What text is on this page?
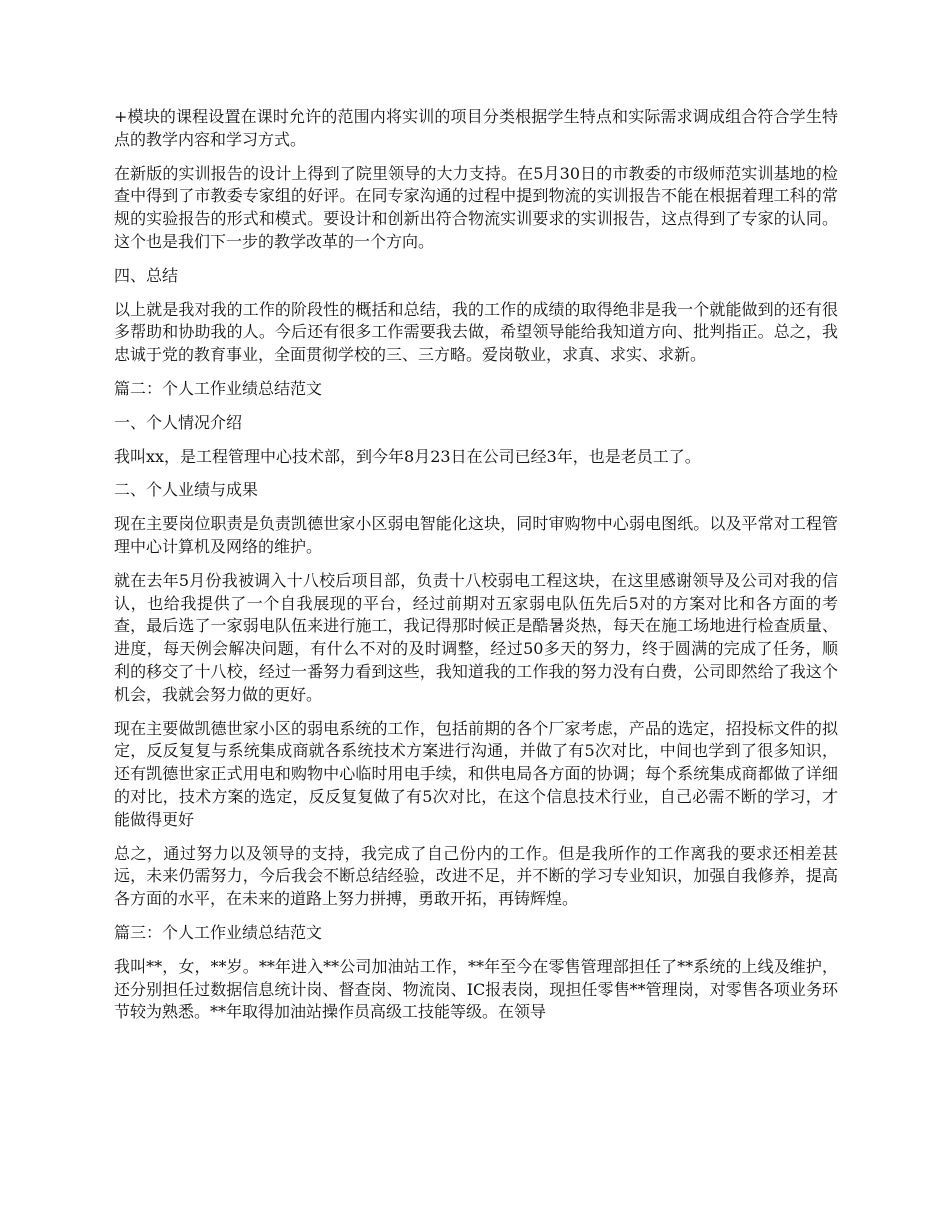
+模块的课程设置在课时允许的范围内将实训的项目分类根据学生特点和实际需求调成组合符合学生特点的教学内容和学习方式。

在新版的实训报告的设计上得到了院里领导的大力支持。在5月30日的市教委的市级师范实训基地的检查中得到了市教委专家组的好评。在同专家沟通的过程中提到物流的实训报告不能在根据着理工科的常规的实验报告的形式和模式。要设计和创新出符合物流实训要求的实训报告，这点得到了专家的认同。这个也是我们下一步的教学改革的一个方向。

四、总结

以上就是我对我的工作的阶段性的概括和总结，我的工作的成绩的取得绝非是我一个就能做到的还有很多帮助和协助我的人。今后还有很多工作需要我去做，希望领导能给我知道方向、批判指正。总之，我忠诚于党的教育事业，全面贯彻学校的三、三方略。爱岗敬业，求真、求实、求新。

篇二：个人工作业绩总结范文

一、个人情况介绍

我叫xx，是工程管理中心技术部，到今年8月23日在公司已经3年，也是老员工了。

二、个人业绩与成果

现在主要岗位职责是负责凯德世家小区弱电智能化这块，同时审购物中心弱电图纸。以及平常对工程管理中心计算机及网络的维护。

就在去年5月份我被调入十八校后项目部，负责十八校弱电工程这块，在这里感谢领导及公司对我的信认，也给我提供了一个自我展现的平台，经过前期对五家弱电队伍先后5对的方案对比和各方面的考查，最后选了一家弱电队伍来进行施工，我记得那时候正是酷暑炎热，每天在施工场地进行检查质量、进度，每天例会解决问题，有什么不对的及时调整，经过50多天的努力，终于圆满的完成了任务，顺利的移交了十八校，经过一番努力看到这些，我知道我的工作我的努力没有白费，公司即然给了我这个机会，我就会努力做的更好。

现在主要做凯德世家小区的弱电系统的工作，包括前期的各个厂家考虑，产品的选定，招投标文件的拟定，反反复复与系统集成商就各系统技术方案进行沟通，并做了有5次对比，中间也学到了很多知识，还有凯德世家正式用电和购物中心临时用电手续，和供电局各方面的协调；每个系统集成商都做了详细的对比，技术方案的选定，反反复复做了有5次对比，在这个信息技术行业，自己必需不断的学习，才能做得更好

总之，通过努力以及领导的支持，我完成了自己份内的工作。但是我所作的工作离我的要求还相差甚远，未来仍需努力，今后我会不断总结经验，改进不足，并不断的学习专业知识，加强自我修养，提高各方面的水平，在未来的道路上努力拼搏，勇敢开拓，再铸辉煌。

篇三：个人工作业绩总结范文

我叫**，女，**岁。**年进入**公司加油站工作，**年至今在零售管理部担任了**系统的上线及维护，还分别担任过数据信息统计岗、督查岗、物流岗、IC报表岗，现担任零售**管理岗，对零售各项业务环节较为熟悉。**年取得加油站操作员高级工技能等级。在领导
